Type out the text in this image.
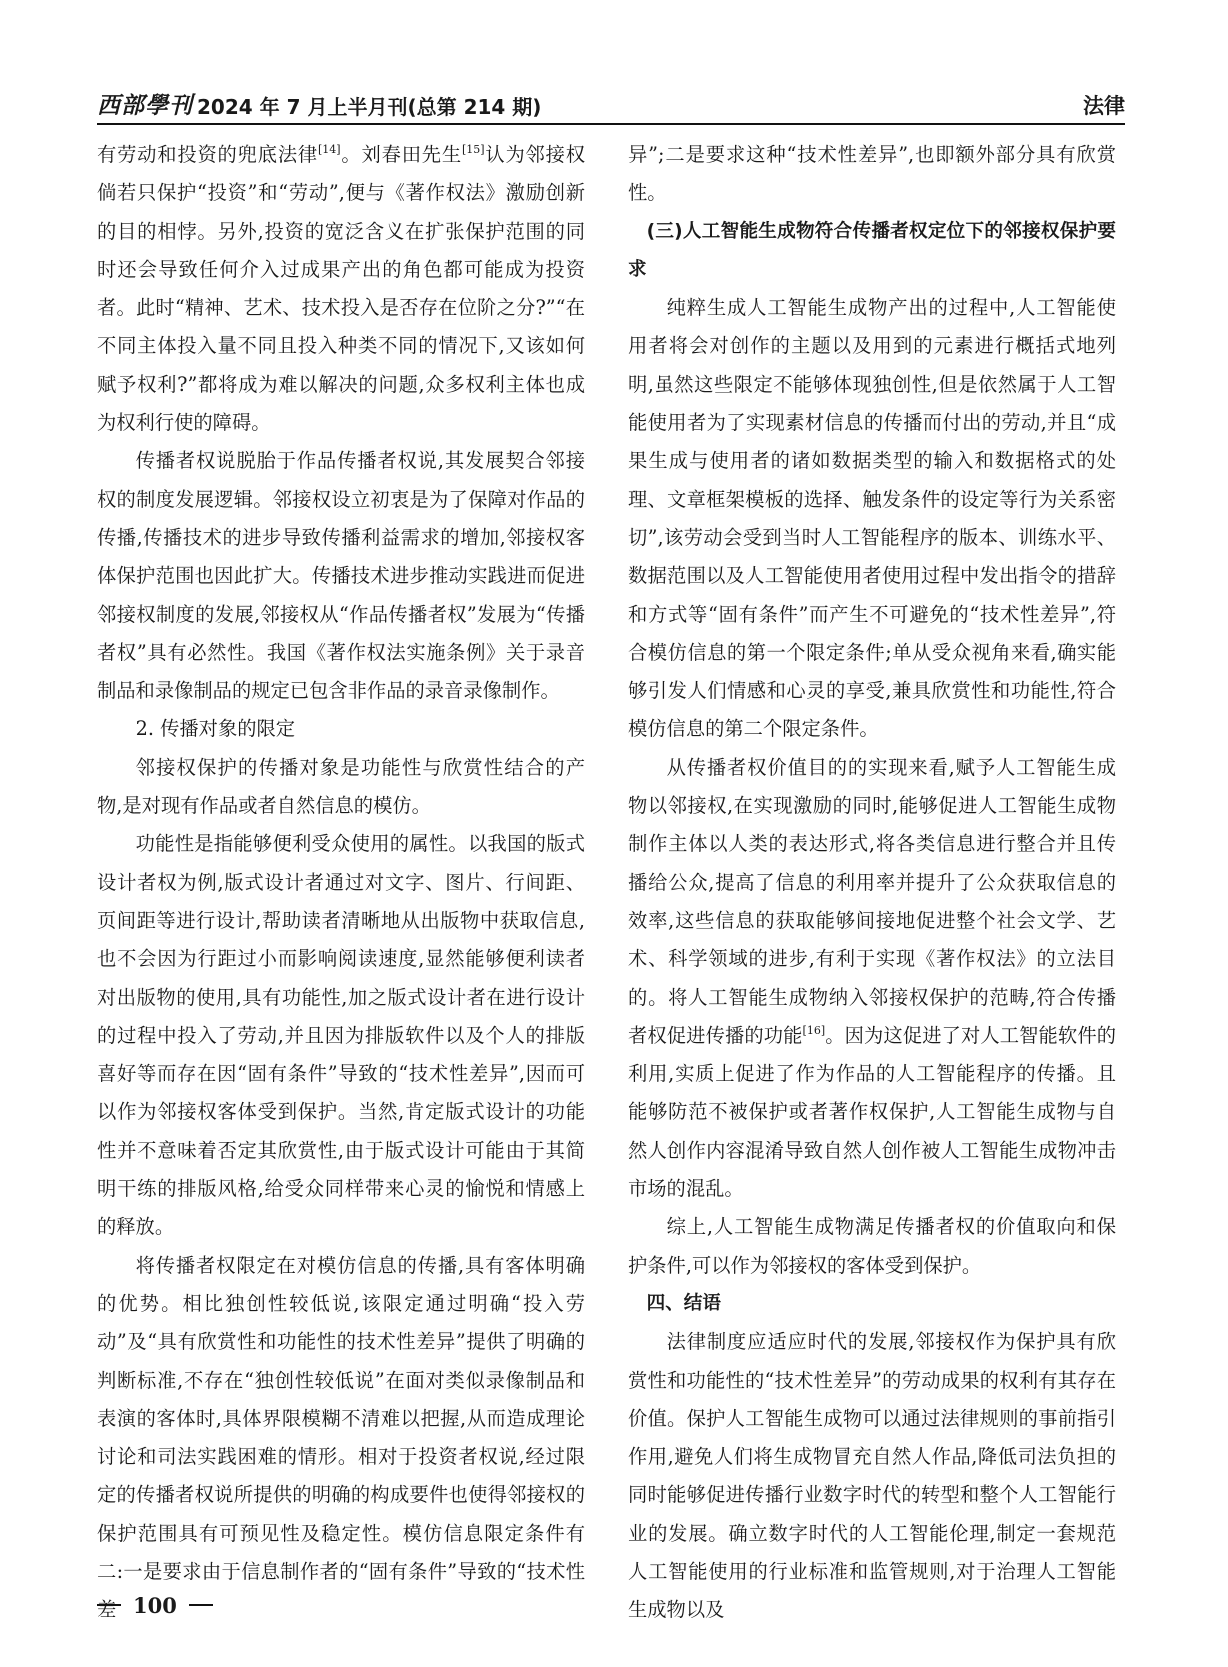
西部學刊 2024 年 7 月上半月刊(总第 214 期)	法律

有劳动和投资的兜底法律[14]。刘春田先生[15]认为邻接权倘若只保护“投资”和“劳动”,便与《著作权法》激励创新的目的相悖。另外,投资的宽泛含义在扩张保护范围的同时还会导致任何介入过成果产出的角色都可能成为投资者。此时“精神、艺术、技术投入是否存在位阶之分?”“在不同主体投入量不同且投入种类不同的情况下,又该如何赋予权利?”都将成为难以解决的问题,众多权利主体也成为权利行使的障碍。

传播者权说脱胎于作品传播者权说,其发展契合邻接权的制度发展逻辑。邻接权设立初衷是为了保障对作品的传播,传播技术的进步导致传播利益需求的增加,邻接权客体保护范围也因此扩大。传播技术进步推动实践进而促进邻接权制度的发展,邻接权从“作品传播者权”发展为“传播者权”具有必然性。我国《著作权法实施条例》关于录音制品和录像制品的规定已包含非作品的录音录像制作。

2. 传播对象的限定

邻接权保护的传播对象是功能性与欣赏性结合的产物,是对现有作品或者自然信息的模仿。

功能性是指能够便利受众使用的属性。以我国的版式设计者权为例,版式设计者通过对文字、图片、行间距、页间距等进行设计,帮助读者清晰地从出版物中获取信息,也不会因为行距过小而影响阅读速度,显然能够便利读者对出版物的使用,具有功能性,加之版式设计者在进行设计的过程中投入了劳动,并且因为排版软件以及个人的排版喜好等而存在因“固有条件”导致的“技术性差异”,因而可以作为邻接权客体受到保护。当然,肯定版式设计的功能性并不意味着否定其欣赏性,由于版式设计可能由于其简明干练的排版风格,给受众同样带来心灵的愉悦和情感上的释放。

将传播者权限定在对模仿信息的传播,具有客体明确的优势。相比独创性较低说,该限定通过明确“投入劳动”及“具有欣赏性和功能性的技术性差异”提供了明确的判断标准,不存在“独创性较低说”在面对类似录像制品和表演的客体时,具体界限模糊不清难以把握,从而造成理论讨论和司法实践困难的情形。相对于投资者权说,经过限定的传播者权说所提供的明确的构成要件也使得邻接权的保护范围具有可预见性及稳定性。模仿信息限定条件有二:一是要求由于信息制作者的“固有条件”导致的“技术性差

异”;二是要求这种“技术性差异”,也即额外部分具有欣赏性。

(三)人工智能生成物符合传播者权定位下的邻接权保护要求

纯粹生成人工智能生成物产出的过程中,人工智能使用者将会对创作的主题以及用到的元素进行概括式地列明,虽然这些限定不能够体现独创性,但是依然属于人工智能使用者为了实现素材信息的传播而付出的劳动,并且“成果生成与使用者的诸如数据类型的输入和数据格式的处理、文章框架模板的选择、触发条件的设定等行为关系密切”,该劳动会受到当时人工智能程序的版本、训练水平、数据范围以及人工智能使用者使用过程中发出指令的措辞和方式等“固有条件”而产生不可避免的“技术性差异”,符合模仿信息的第一个限定条件;单从受众视角来看,确实能够引发人们情感和心灵的享受,兼具欣赏性和功能性,符合模仿信息的第二个限定条件。

从传播者权价值目的的实现来看,赋予人工智能生成物以邻接权,在实现激励的同时,能够促进人工智能生成物制作主体以人类的表达形式,将各类信息进行整合并且传播给公众,提高了信息的利用率并提升了公众获取信息的效率,这些信息的获取能够间接地促进整个社会文学、艺术、科学领域的进步,有利于实现《著作权法》的立法目的。将人工智能生成物纳入邻接权保护的范畴,符合传播者权促进传播的功能[16]。因为这促进了对人工智能软件的利用,实质上促进了作为作品的人工智能程序的传播。且能够防范不被保护或者著作权保护,人工智能生成物与自然人创作内容混淆导致自然人创作被人工智能生成物冲击市场的混乱。

综上,人工智能生成物满足传播者权的价值取向和保护条件,可以作为邻接权的客体受到保护。

四、结语

法律制度应适应时代的发展,邻接权作为保护具有欣赏性和功能性的“技术性差异”的劳动成果的权利有其存在价值。保护人工智能生成物可以通过法律规则的事前指引作用,避免人们将生成物冒充自然人作品,降低司法负担的同时能够促进传播行业数字时代的转型和整个人工智能行业的发展。确立数字时代的人工智能伦理,制定一套规范人工智能使用的行业标准和监管规则,对于治理人工智能生成物以及

100
